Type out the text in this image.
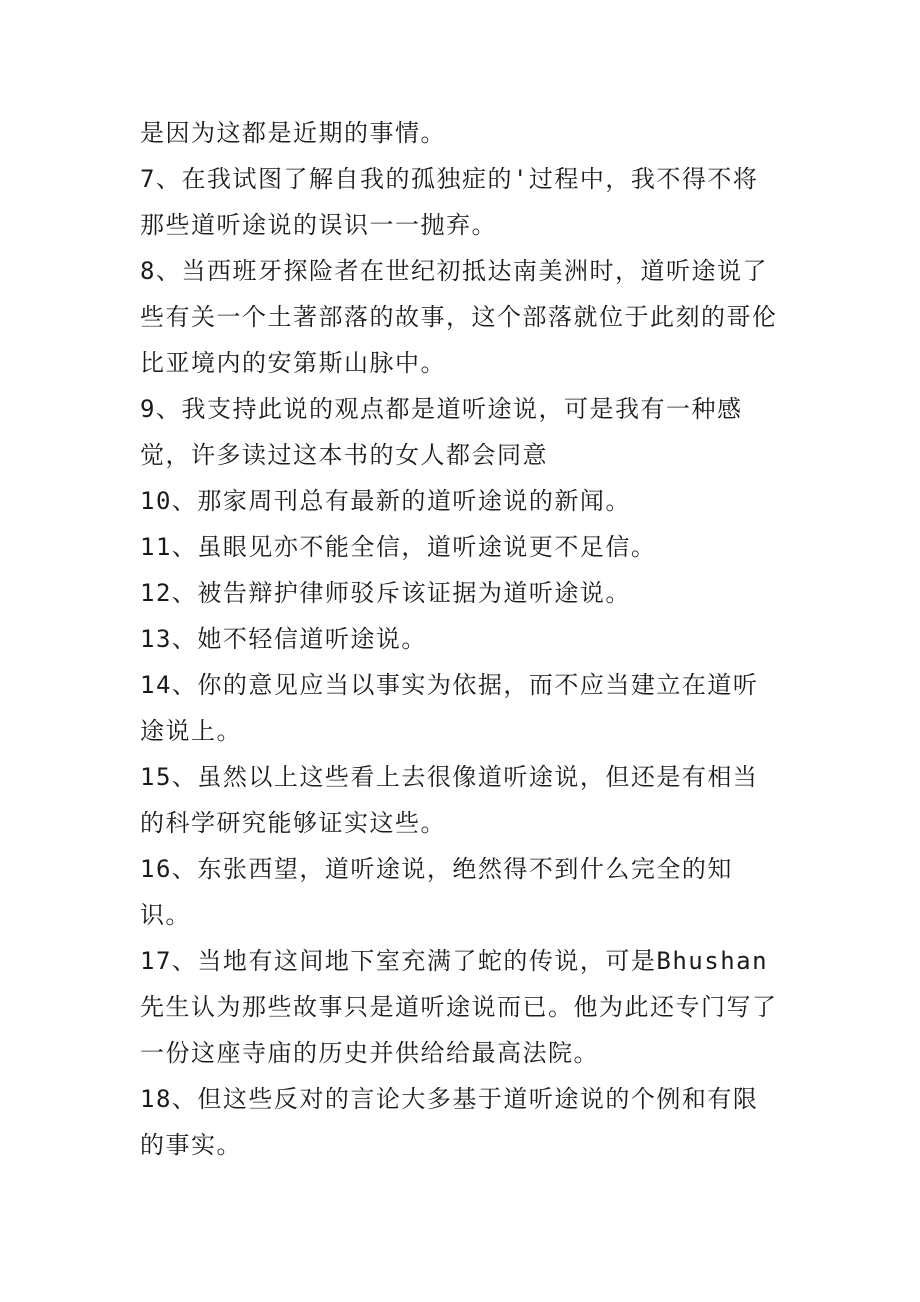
是因为这都是近期的事情。

7、在我试图了解自我的孤独症的'过程中，我不得不将那些道听途说的误识一一抛弃。

8、当西班牙探险者在世纪初抵达南美洲时，道听途说了些有关一个土著部落的故事，这个部落就位于此刻的哥伦比亚境内的安第斯山脉中。

9、我支持此说的观点都是道听途说，可是我有一种感觉，许多读过这本书的女人都会同意

10、那家周刊总有最新的道听途说的新闻。

11、虽眼见亦不能全信，道听途说更不足信。

12、被告辩护律师驳斥该证据为道听途说。

13、她不轻信道听途说。

14、你的意见应当以事实为依据，而不应当建立在道听途说上。

15、虽然以上这些看上去很像道听途说，但还是有相当的科学研究能够证实这些。

16、东张西望，道听途说，绝然得不到什么完全的知识。

17、当地有这间地下室充满了蛇的传说，可是Bhushan先生认为那些故事只是道听途说而已。他为此还专门写了一份这座寺庙的历史并供给给最高法院。

18、但这些反对的言论大多基于道听途说的个例和有限的事实。
